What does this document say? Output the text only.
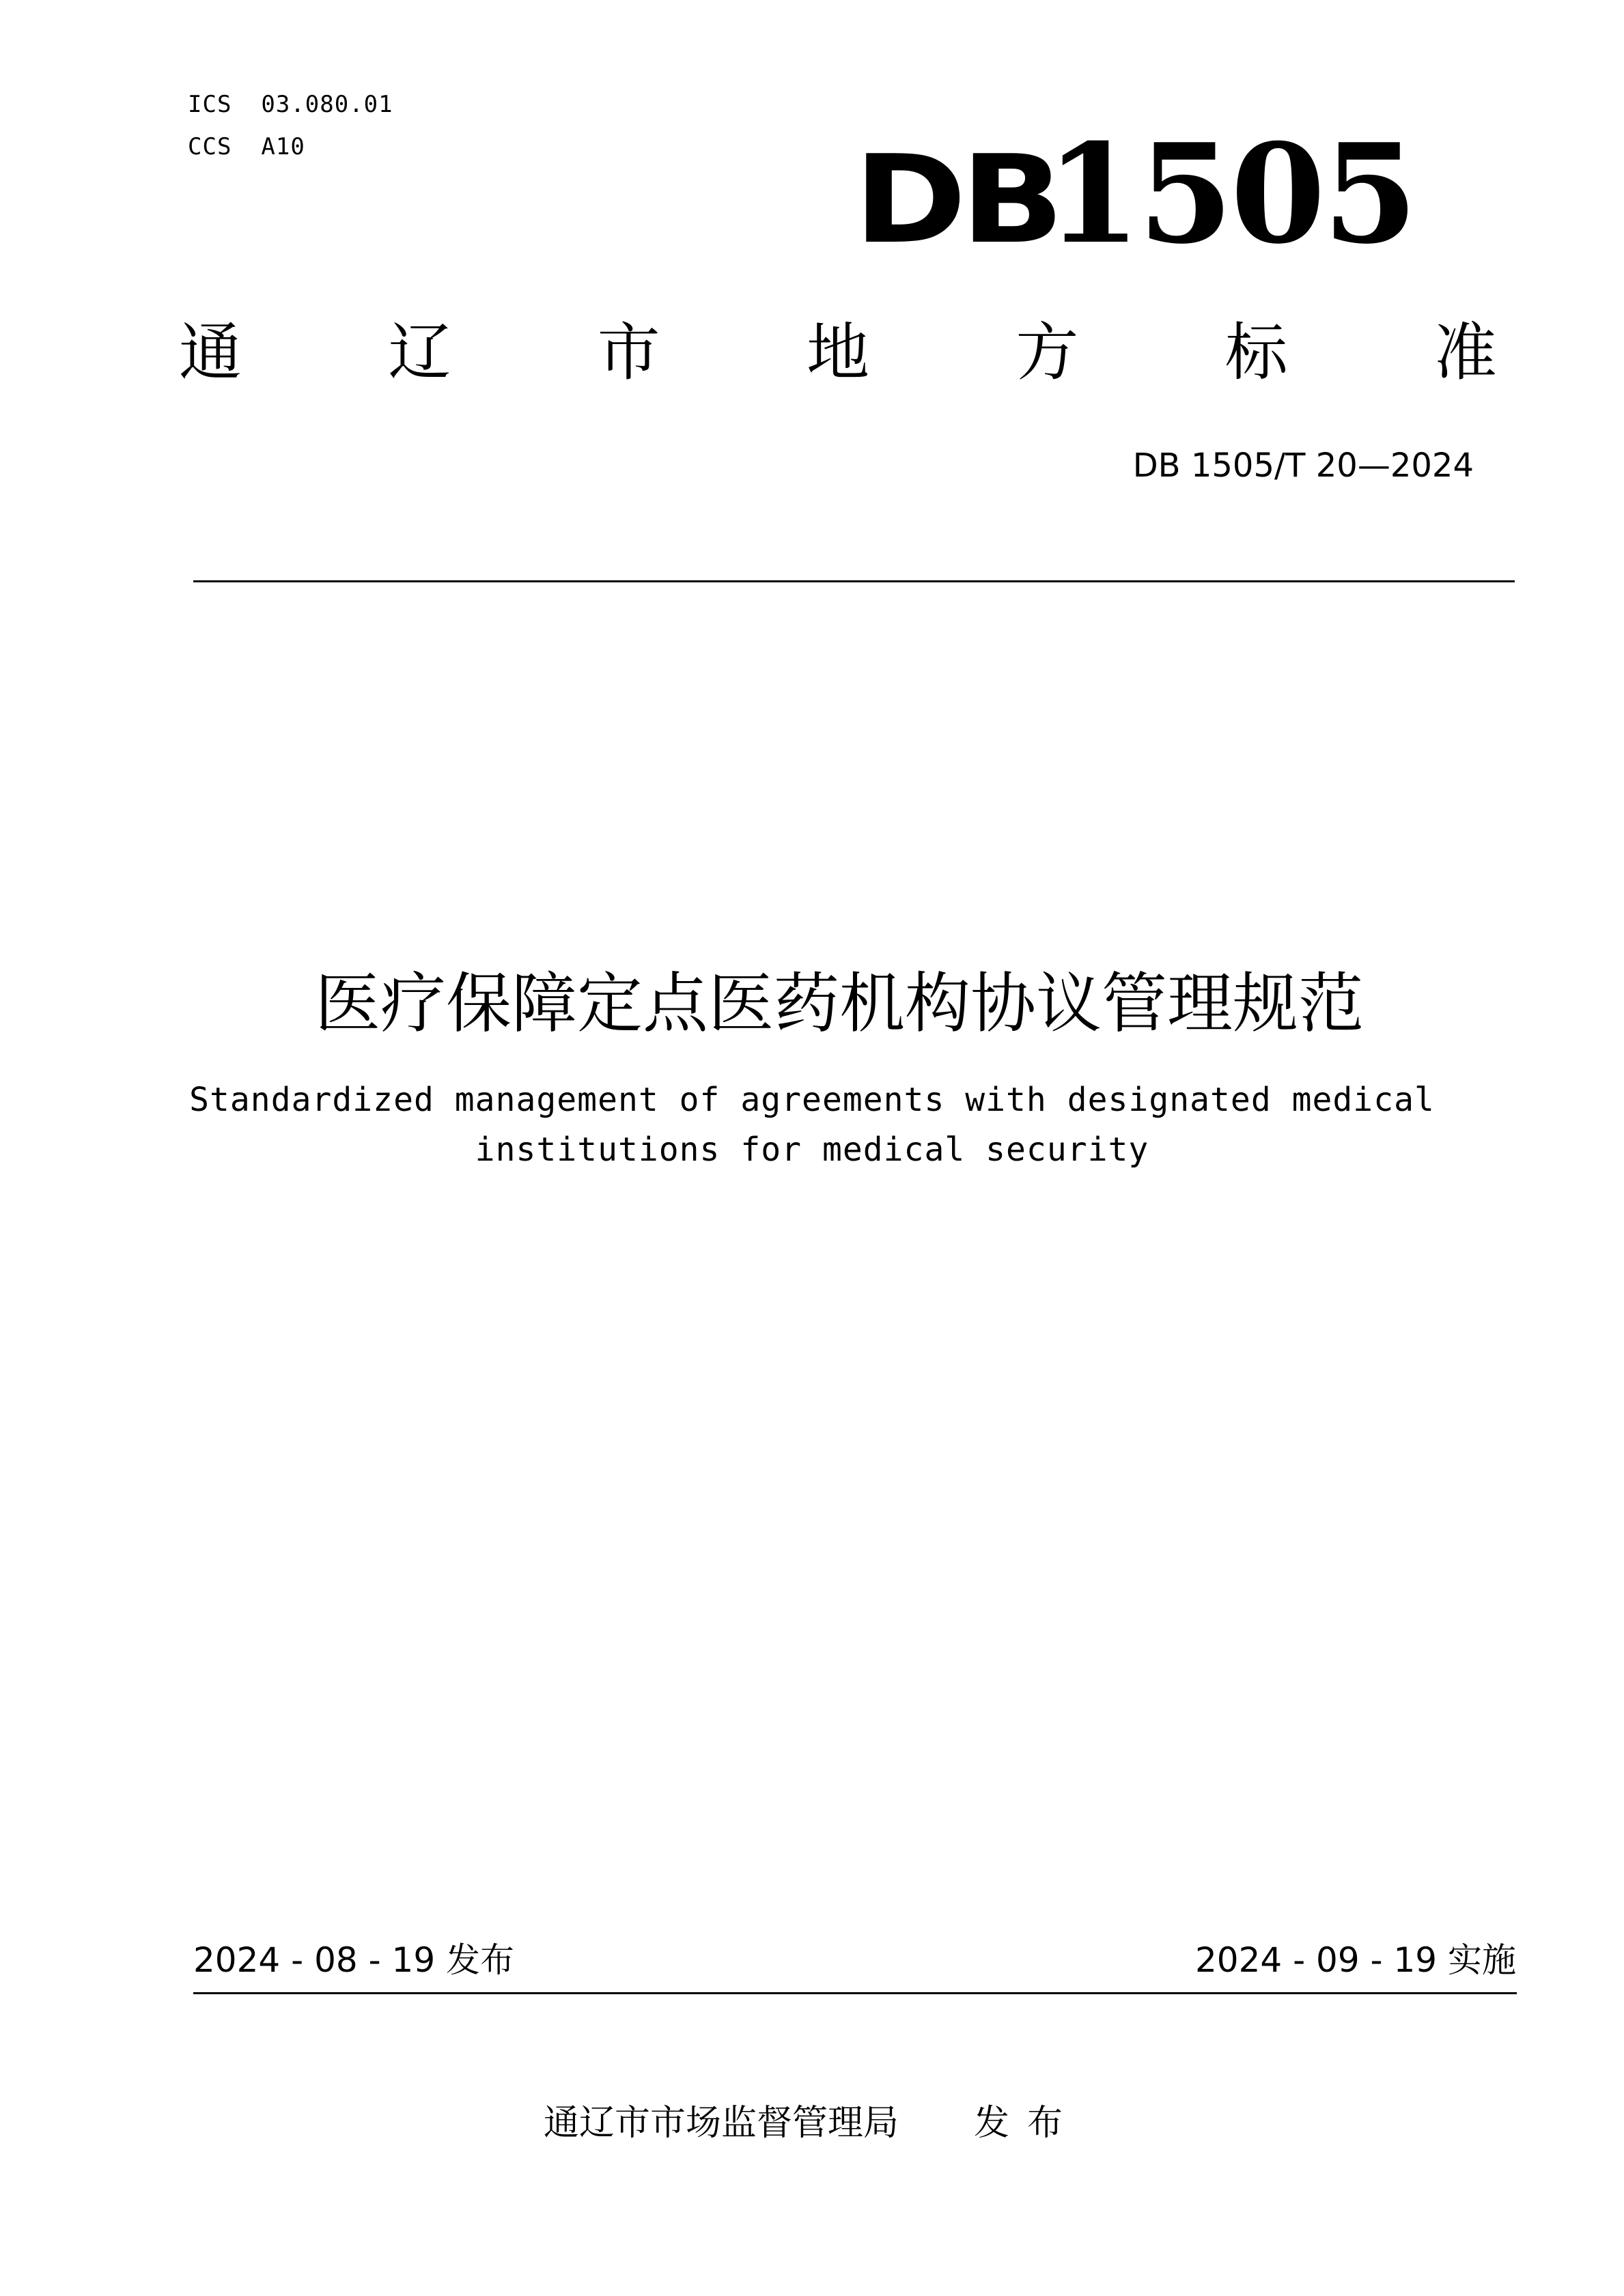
ICS 03.080.01
CCS A10	DB1505
通 辽 市 地 方 标 准
DB 1505/T 20—2024
医疗保障定点医药机构协议管理规范
Standardized management of agreements with designated medical
institutions for medical security
2024 - 08 - 19 发布	2024 - 09 - 19 实施
通辽市市场监督管理局 发布
